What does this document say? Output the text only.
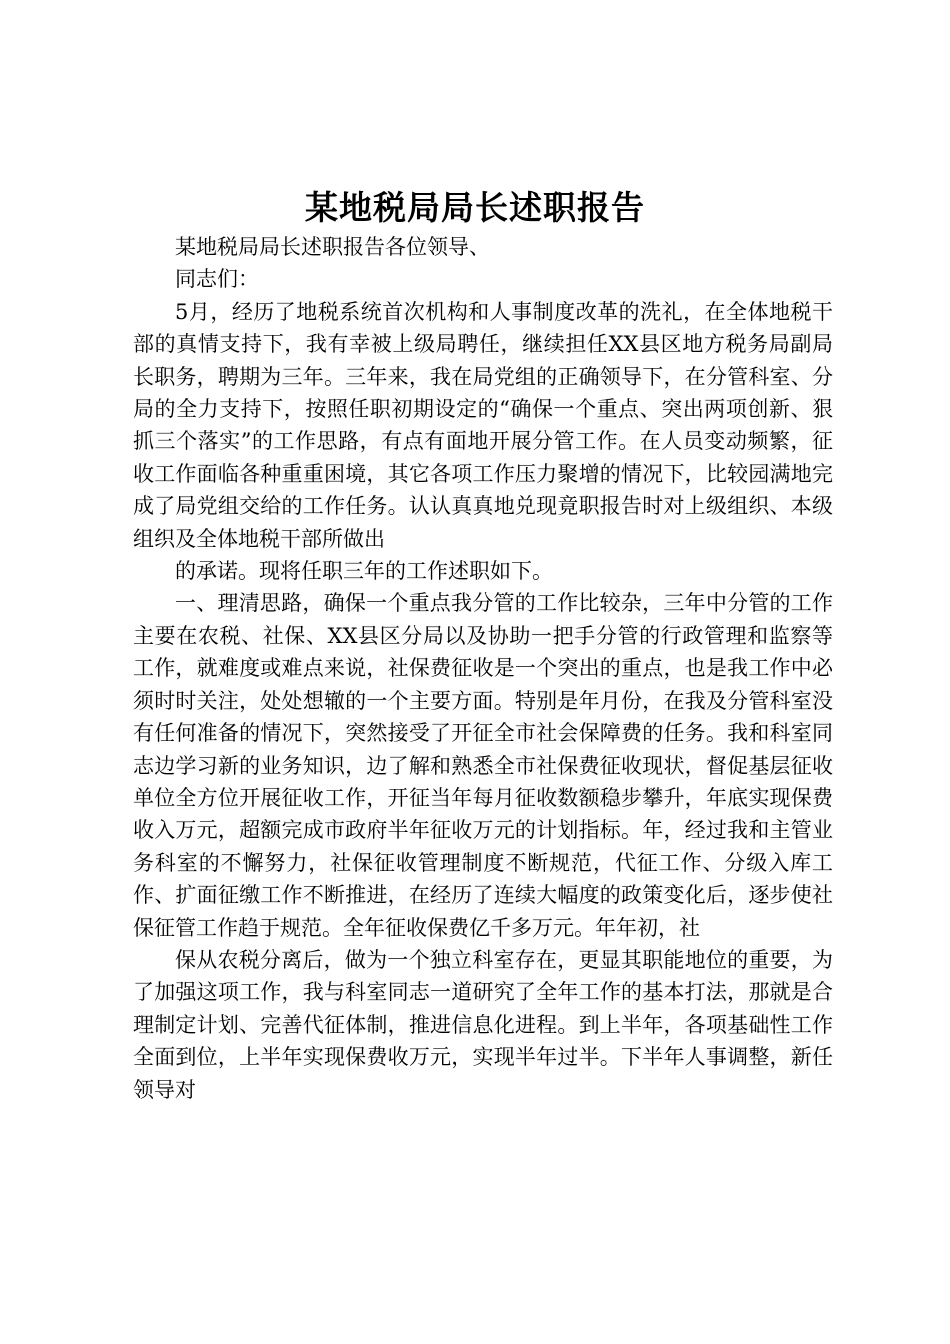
某地税局局长述职报告

某地税局局长述职报告各位领导、

同志们：

5月，经历了地税系统首次机构和人事制度改革的洗礼，在全体地税干部的真情支持下，我有幸被上级局聘任，继续担任XX县区地方税务局副局长职务，聘期为三年。三年来，我在局党组的正确领导下，在分管科室、分局的全力支持下，按照任职初期设定的“确保一个重点、突出两项创新、狠抓三个落实”的工作思路，有点有面地开展分管工作。在人员变动频繁，征收工作面临各种重重困境，其它各项工作压力聚增的情况下，比较园满地完成了局党组交给的工作任务。认认真真地兑现竟职报告时对上级组织、本级组织及全体地税干部所做出

的承诺。现将任职三年的工作述职如下。

一、理清思路，确保一个重点我分管的工作比较杂，三年中分管的工作主要在农税、社保、XX县区分局以及协助一把手分管的行政管理和监察等工作，就难度或难点来说，社保费征收是一个突出的重点，也是我工作中必须时时关注，处处想辙的一个主要方面。特别是年月份，在我及分管科室没有任何准备的情况下，突然接受了开征全市社会保障费的任务。我和科室同志边学习新的业务知识，边了解和熟悉全市社保费征收现状，督促基层征收单位全方位开展征收工作，开征当年每月征收数额稳步攀升，年底实现保费收入万元，超额完成市政府半年征收万元的计划指标。年，经过我和主管业务科室的不懈努力，社保征收管理制度不断规范，代征工作、分级入库工作、扩面征缴工作不断推进，在经历了连续大幅度的政策变化后，逐步使社保征管工作趋于规范。全年征收保费亿千多万元。年年初，社

保从农税分离后，做为一个独立科室存在，更显其职能地位的重要，为了加强这项工作，我与科室同志一道研究了全年工作的基本打法，那就是合理制定计划、完善代征体制，推进信息化进程。到上半年，各项基础性工作全面到位，上半年实现保费收万元，实现半年过半。下半年人事调整，新任领导对
